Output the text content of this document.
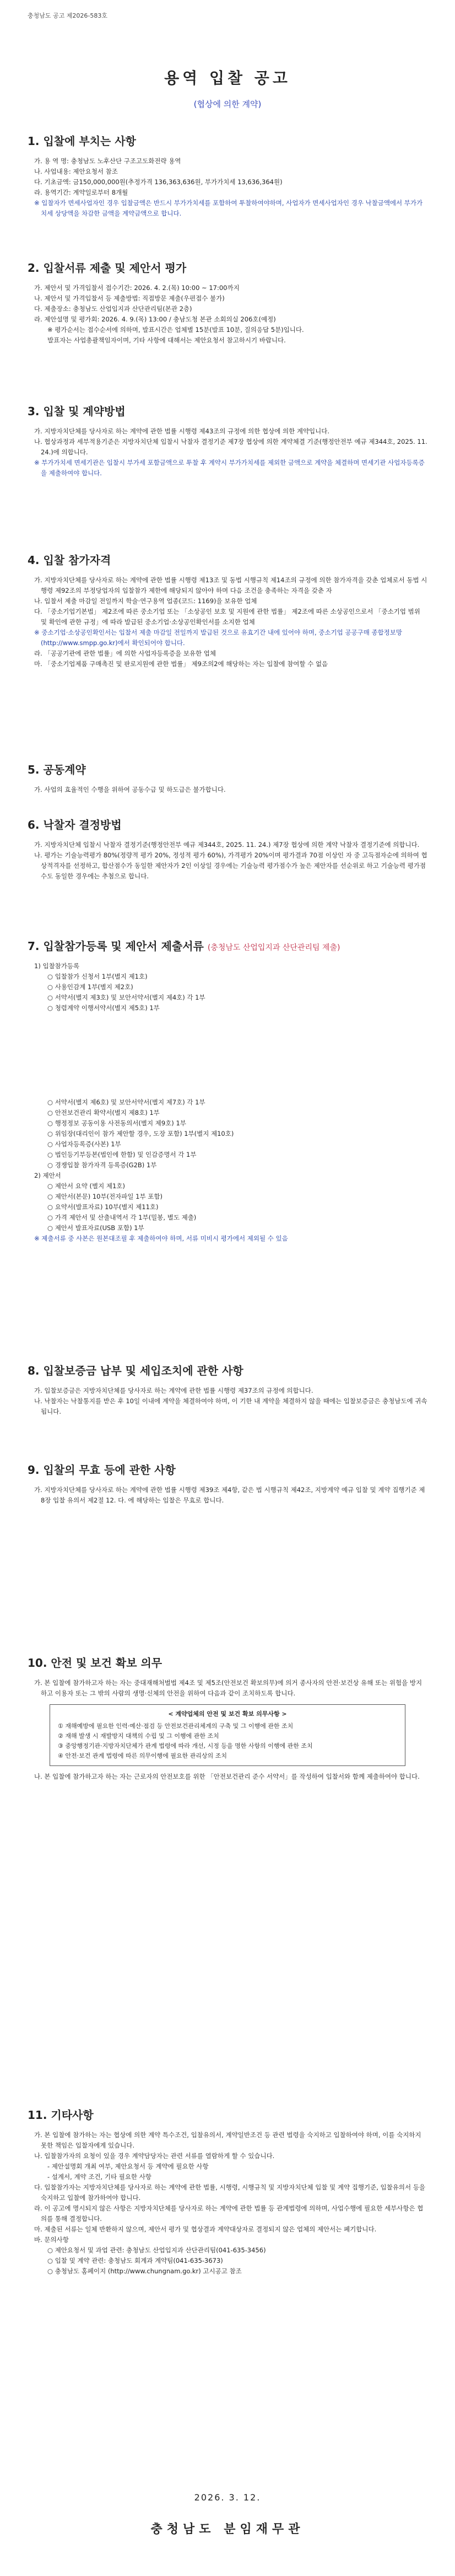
충청남도 공고 제2026-583호
용역 입찰 공고
(협상에 의한 계약)
1. 입찰에 부치는 사항

가. 용 역 명: 충청남도 노후산단 구조고도화전략 용역

나. 사업내용: 제안요청서 참조

다. 기초금액: 금150,000,000원(추정가격 136,363,636원, 부가가치세 13,636,364원)

라. 용역기간: 계약일로부터 8개월

※ 입찰자가 면세사업자인 경우 입찰금액은 반드시 부가가치세를 포함하여 투찰하여야하며, 사업자가 면세사업자인 경우 낙찰금액에서 부가가치세 상당액을 차감한 금액을 계약금액으로 합니다.

2. 입찰서류 제출 및 제안서 평가

가. 제안서 및 가격입찰서 접수기간: 2026. 4. 2.(목) 10:00 ~ 17:00까지

나. 제안서 및 가격입찰서 등 제출방법: 직접방문 제출(우편접수 불가)

다. 제출장소: 충청남도 산업입지과 산단관리팀(본관 2층)

라. 제안설명 및 평가회: 2026. 4. 9.(목) 13:00 / 충남도청 본관 소회의실 206호(예정)

※ 평가순서는 접수순서에 의하며, 발표시간은 업체별 15분(발표 10분, 질의응답 5분)입니다.

발표자는 사업총괄책임자이며, 기타 사항에 대해서는 제안요청서 참고하시기 바랍니다.

3. 입찰 및 계약방법

가. 지방자치단체를 당사자로 하는 계약에 관한 법률 시행령 제43조의 규정에 의한 협상에 의한 계약입니다.

나. 협상과정과 세부적용기준은 지방자치단체 입찰시 낙찰자 결정기준 제7장 협상에 의한 계약체결 기준(행정안전부 예규 제344호, 2025. 11. 24.)에 의합니다.

※ 부가가치세 면세기관은 입찰시 부가세 포함금액으로 투찰 후 계약시 부가가치세를 제외한 금액으로 계약을 체결하며 면세기관 사업자등록증을 제출하여야 합니다.

4. 입찰 참가자격

가. 지방자치단체를 당사자로 하는 계약에 관한 법률 시행령 제13조 및 동법 시행규칙 제14조의 규정에 의한 참가자격을 갖춘 업체로서 동법 시행령 제92조의 부정당업자의 입찰참가 제한에 해당되지 않아야 하며 다음 조건을 충족하는 자격을 갖춘 자

나. 입찰서 제출 마감일 전일까지 학술·연구용역 업종(코드: 1169)을 보유한 업체

다. 「중소기업기본법」 제2조에 따른 중소기업 또는 「소상공인 보호 및 지원에 관한 법률」 제2조에 따른 소상공인으로서 「중소기업 범위 및 확인에 관한 규정」에 따라 발급된 중소기업·소상공인확인서를 소지한 업체

※ 중소기업·소상공인확인서는 입찰서 제출 마감일 전일까지 발급된 것으로 유효기간 내에 있어야 하며, 중소기업 공공구매 종합정보망(http://www.smpp.go.kr)에서 확인되어야 합니다.

라. 「공공기관에 관한 법률」에 의한 사업자등록증을 보유한 업체

마. 「중소기업제품 구매촉진 및 판로지원에 관한 법률」 제9조의2에 해당하는 자는 입찰에 참여할 수 없음

5. 공동계약

가. 사업의 효율적인 수행을 위하여 공동수급 및 하도급은 불가합니다.

6. 낙찰자 결정방법

가. 지방자치단체 입찰시 낙찰자 결정기준(행정안전부 예규 제344호, 2025. 11. 24.) 제7장 협상에 의한 계약 낙찰자 결정기준에 의합니다.

나. 평가는 기술능력평가 80%(정량적 평가 20%, 정성적 평가 60%), 가격평가 20%이며 평가결과 70점 이상인 자 중 고득점자순에 의하여 협상적격자를 선정하고, 합산점수가 동일한 제안자가 2인 이상일 경우에는 기술능력 평가점수가 높은 제안자를 선순위로 하고 기술능력 평가점수도 동일한 경우에는 추첨으로 합니다.

7. 입찰참가등록 및 제안서 제출서류 (충청남도 산업입지과 산단관리팀 제출)

1) 입찰참가등록

○ 입찰참가 신청서 1부(별지 제1호)

○ 사용인감계 1부(별지 제2호)

○ 서약서(별지 제3호) 및 보안서약서(별지 제4호) 각 1부

○ 청렴계약 이행서약서(별지 제5호) 1부

○ 서약서(별지 제6호) 및 보안서약서(별지 제7호) 각 1부

○ 안전보건관리 확약서(별지 제8호) 1부

○ 행정정보 공동이용 사전동의서(별지 제9호) 1부

○ 위임장(대리인이 참가 제안할 경우, 도장 포함) 1부(별지 제10호)

○ 사업자등록증(사본) 1부

○ 법인등기부등본(법인에 한함) 및 인감증명서 각 1부

○ 경쟁입찰 참가자격 등록증(G2B) 1부

2) 제안서

○ 제안서 요약 (별지 제1호)

○ 제안서(본문) 10부(전자파일 1부 포함)

○ 요약서(발표자료) 10부(별지 제11호)

○ 가격 제안서 및 산출내역서 각 1부(밀봉, 별도 제출)

○ 제안서 발표자료(USB 포함) 1부

※ 제출서류 중 사본은 원본대조필 후 제출하여야 하며, 서류 미비시 평가에서 제외될 수 있음

8. 입찰보증금 납부 및 세입조치에 관한 사항

가. 입찰보증금은 지방자치단체를 당사자로 하는 계약에 관한 법률 시행령 제37조의 규정에 의합니다.

나. 낙찰자는 낙찰통지를 받은 후 10일 이내에 계약을 체결하여야 하며, 이 기한 내 계약을 체결하지 않을 때에는 입찰보증금은 충청남도에 귀속됩니다.

9. 입찰의 무효 등에 관한 사항

가. 지방자치단체를 당사자로 하는 계약에 관한 법률 시행령 제39조 제4항, 같은 법 시행규칙 제42조, 지방계약 예규 입찰 및 계약 집행기준 제8장 입찰 유의서 제2절 12. 다. 에 해당하는 입찰은 무효로 합니다.

10. 안전 및 보건 확보 의무

가. 본 입찰에 참가하고자 하는 자는 중대재해처벌법 제4조 및 제5조(안전보건 확보의무)에 의거 종사자의 안전·보건상 유해 또는 위험을 방지하고 이용자 또는 그 밖의 사람의 생명·신체의 안전을 위하여 다음과 같이 조치하도록 합니다.

< 계약업체의 안전 및 보건 확보 의무사항 >
① 재해예방에 필요한 인력·예산·점검 등 안전보건관리체계의 구축 및 그 이행에 관한 조치
② 재해 발생 시 재발방지 대책의 수립 및 그 이행에 관한 조치
③ 중앙행정기관·지방자치단체가 관계 법령에 따라 개선, 시정 등을 명한 사항의 이행에 관한 조치
④ 안전·보건 관계 법령에 따른 의무이행에 필요한 관리상의 조치

나. 본 입찰에 참가하고자 하는 자는 근로자의 안전보호를 위한 「안전보건관리 준수 서약서」를 작성하여 입찰서와 함께 제출하여야 합니다.

11. 기타사항

가. 본 입찰에 참가하는 자는 협상에 의한 계약 특수조건, 입찰유의서, 계약일반조건 등 관련 법령을 숙지하고 입찰하여야 하며, 이를 숙지하지 못한 책임은 입찰자에게 있습니다.

나. 입찰참가자의 요청이 있을 경우 계약담당자는 관련 서류를 열람하게 할 수 있습니다.

- 제안설명회 개최 여부, 제안요청서 등 계약에 필요한 사항

- 설계서, 계약 조건, 기타 필요한 사항

다. 입찰참가자는 지방자치단체를 당사자로 하는 계약에 관한 법률, 시행령, 시행규칙 및 지방자치단체 입찰 및 계약 집행기준, 입찰유의서 등을 숙지하고 입찰에 참가하여야 합니다.

라. 이 공고에 명시되지 않은 사항은 지방자치단체를 당사자로 하는 계약에 관한 법률 등 관계법령에 의하며, 사업수행에 필요한 세부사항은 협의를 통해 결정합니다.

마. 제출된 서류는 일체 반환하지 않으며, 제안서 평가 및 협상결과 계약대상자로 결정되지 않은 업체의 제안서는 폐기합니다.

바. 문의사항

○ 제안요청서 및 과업 관련: 충청남도 산업입지과 산단관리팀(041-635-3456)

○ 입찰 및 계약 관련: 충청남도 회계과 계약팀(041-635-3673)

○ 충청남도 홈페이지 (http://www.chungnam.go.kr) 고시공고 참조

2026. 3. 12.
충청남도 분임재무관
